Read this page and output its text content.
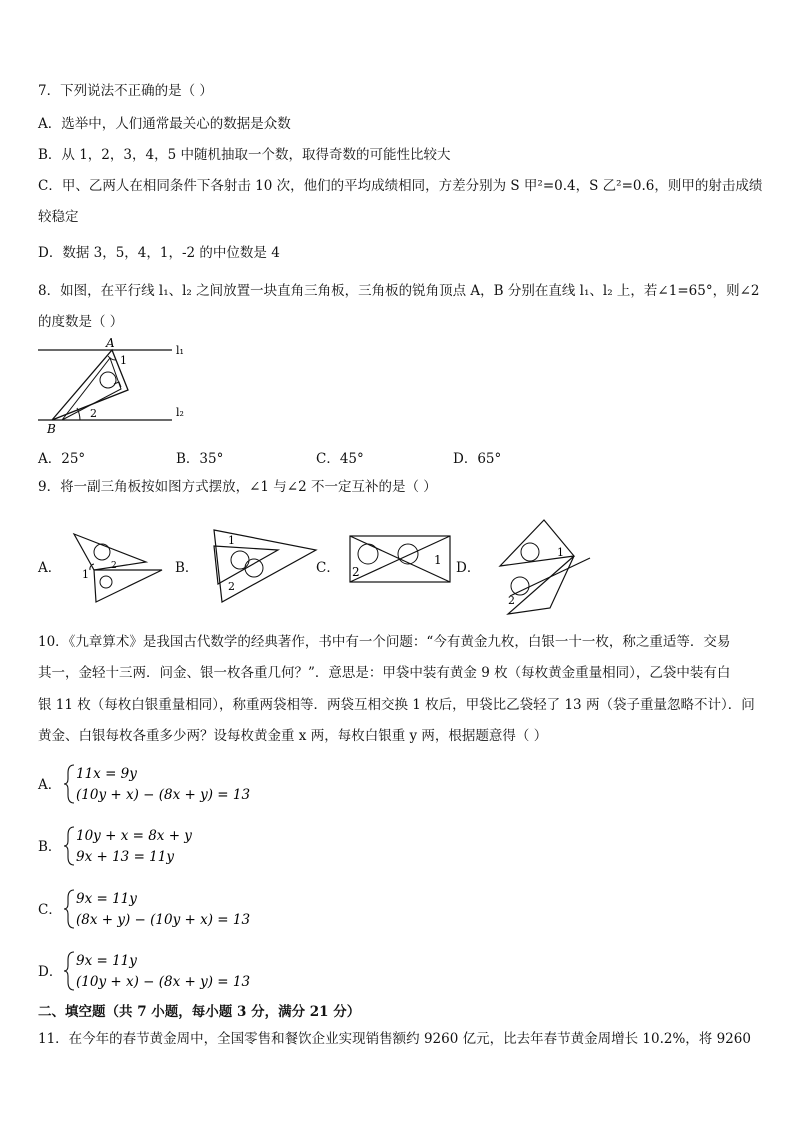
7．下列说法不正确的是（ ）
A．选举中，人们通常最关心的数据是众数
B．从 1，2，3，4，5 中随机抽取一个数，取得奇数的可能性比较大
C．甲、乙两人在相同条件下各射击 10 次，他们的平均成绩相同，方差分别为 S 甲²=0.4，S 乙²=0.6，则甲的射击成绩
较稳定
D．数据 3，5，4，1，-2 的中位数是 4
8．如图，在平行线 l₁、l₂ 之间放置一块直角三角板，三角板的锐角顶点 A，B 分别在直线 l₁、l₂ 上，若∠1=65°，则∠2
的度数是（ ）
A
1
2
B
l₁
l₂
A．25°	B．35°	C．45°	D．65°
9．将一副三角板按如图方式摆放，∠1 与∠2 不一定互补的是（ ）
A． 1
2	B．
1
2
C． 2
1 D．
1
2
10．《九章算术》是我国古代数学的经典著作，书中有一个问题：“今有黄金九枚，白银一十一枚，称之重适等．交易
其一，金轻十三两．问金、银一枚各重几何？”．意思是：甲袋中装有黄金 9 枚（每枚黄金重量相同），乙袋中装有白
银 11 枚（每枚白银重量相同），称重两袋相等．两袋互相交换 1 枚后，甲袋比乙袋轻了 13 两（袋子重量忽略不计）．问
黄金、白银每枚各重多少两？设每枚黄金重 x 两，每枚白银重 y 两，根据题意得（ ）
A．
11x = 9y
(10y + x) − (8x + y) = 13
B．
10y + x = 8x + y
9x + 13 = 11y
C．
9x = 11y
(8x + y) − (10y + x) = 13
D．
9x = 11y
(10y + x) − (8x + y) = 13
二、填空题（共 7 小题，每小题 3 分，满分 21 分）
11．在今年的春节黄金周中，全国零售和餐饮企业实现销售额约 9260 亿元，比去年春节黄金周增长 10.2%，将 9260
